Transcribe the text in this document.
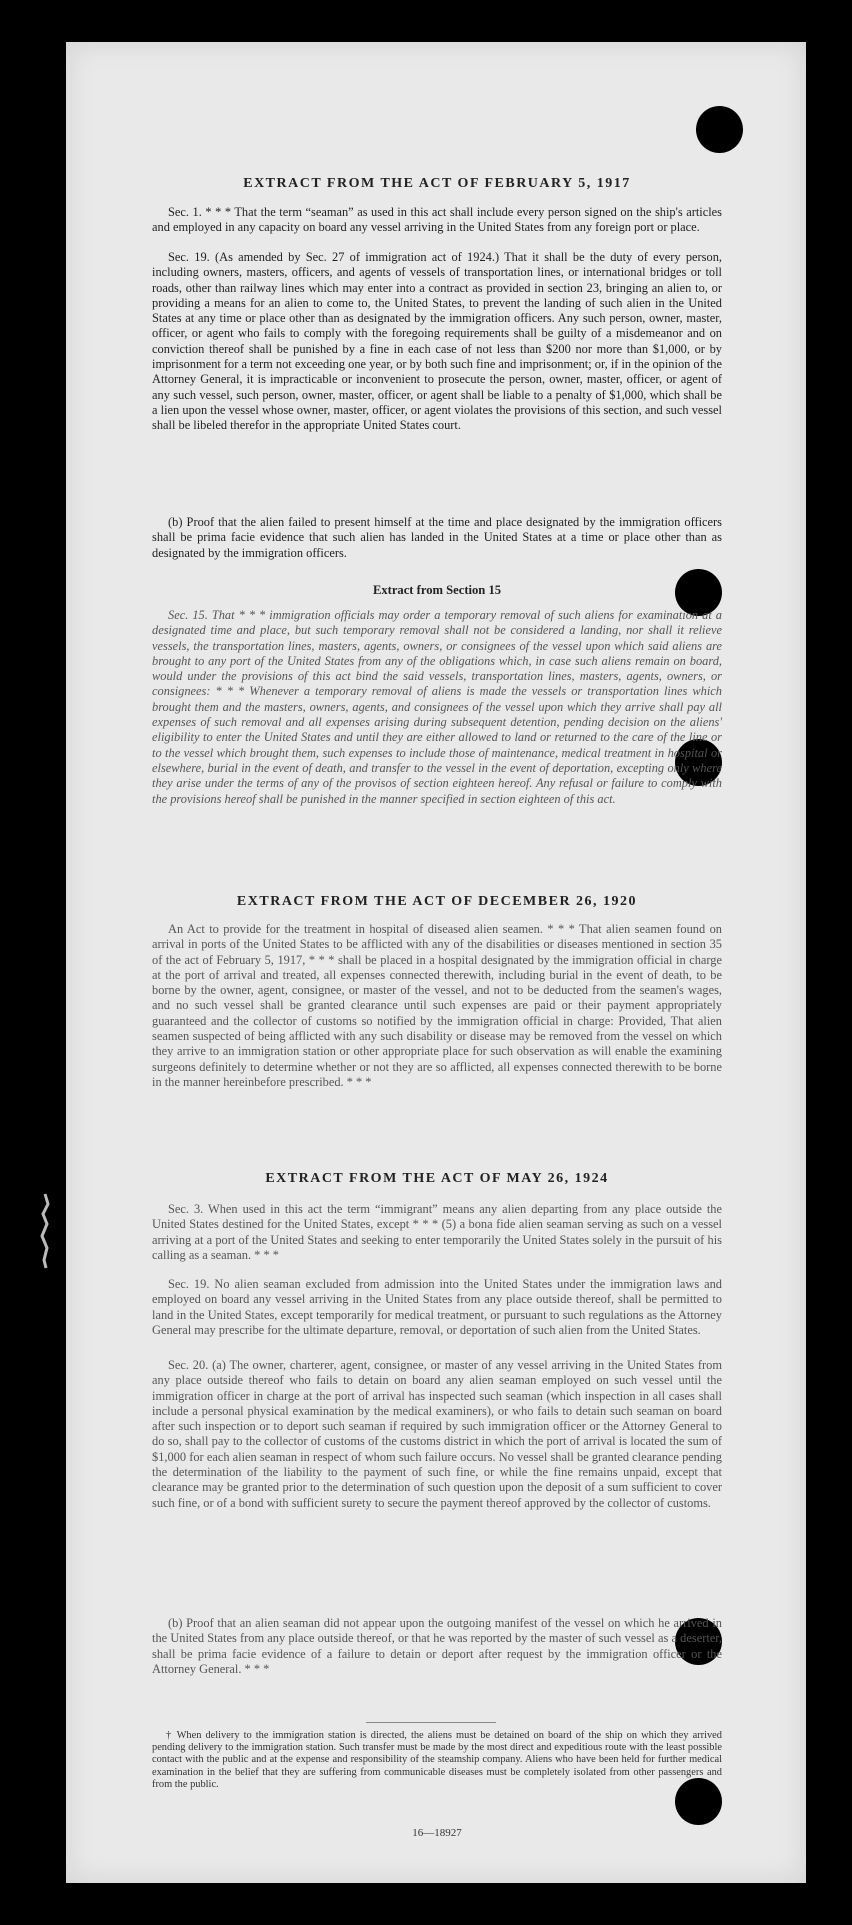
EXTRACT FROM THE ACT OF FEBRUARY 5, 1917

Sec. 1. * * * That the term “seaman” as used in this act shall include every person signed on the ship's articles and employed in any capacity on board any vessel arriving in the United States from any foreign port or place.

Sec. 19. (As amended by Sec. 27 of immigration act of 1924.) That it shall be the duty of every person, including owners, masters, officers, and agents of vessels of transportation lines, or international bridges or toll roads, other than railway lines which may enter into a contract as provided in section 23, bringing an alien to, or providing a means for an alien to come to, the United States, to prevent the landing of such alien in the United States at any time or place other than as designated by the immigration officers. Any such person, owner, master, officer, or agent who fails to comply with the foregoing requirements shall be guilty of a misdemeanor and on conviction thereof shall be punished by a fine in each case of not less than $200 nor more than $1,000, or by imprisonment for a term not exceeding one year, or by both such fine and imprisonment; or, if in the opinion of the Attorney General, it is impracticable or inconvenient to prosecute the person, owner, master, officer, or agent of any such vessel, such person, owner, master, officer, or agent shall be liable to a penalty of $1,000, which shall be a lien upon the vessel whose owner, master, officer, or agent violates the provisions of this section, and such vessel shall be libeled therefor in the appropriate United States court.

(b) Proof that the alien failed to present himself at the time and place designated by the immigration officers shall be prima facie evidence that such alien has landed in the United States at a time or place other than as designated by the immigration officers.

Extract from Section 15

Sec. 15. That * * * immigration officials may order a temporary removal of such aliens for examination at a designated time and place, but such temporary removal shall not be considered a landing, nor shall it relieve vessels, the transportation lines, masters, agents, owners, or consignees of the vessel upon which said aliens are brought to any port of the United States from any of the obligations which, in case such aliens remain on board, would under the provisions of this act bind the said vessels, transportation lines, masters, agents, owners, or consignees: * * * Whenever a temporary removal of aliens is made the vessels or transportation lines which brought them and the masters, owners, agents, and consignees of the vessel upon which they arrive shall pay all expenses of such removal and all expenses arising during subsequent detention, pending decision on the aliens' eligibility to enter the United States and until they are either allowed to land or returned to the care of the line or to the vessel which brought them, such expenses to include those of maintenance, medical treatment in hospital or elsewhere, burial in the event of death, and transfer to the vessel in the event of deportation, excepting only where they arise under the terms of any of the provisos of section eighteen hereof. Any refusal or failure to comply with the provisions hereof shall be punished in the manner specified in section eighteen of this act.

EXTRACT FROM THE ACT OF DECEMBER 26, 1920

An Act to provide for the treatment in hospital of diseased alien seamen. * * * That alien seamen found on arrival in ports of the United States to be afflicted with any of the disabilities or diseases mentioned in section 35 of the act of February 5, 1917, * * * shall be placed in a hospital designated by the immigration official in charge at the port of arrival and treated, all expenses connected therewith, including burial in the event of death, to be borne by the owner, agent, consignee, or master of the vessel, and not to be deducted from the seamen's wages, and no such vessel shall be granted clearance until such expenses are paid or their payment appropriately guaranteed and the collector of customs so notified by the immigration official in charge: Provided, That alien seamen suspected of being afflicted with any such disability or disease may be removed from the vessel on which they arrive to an immigration station or other appropriate place for such observation as will enable the examining surgeons definitely to determine whether or not they are so afflicted, all expenses connected therewith to be borne in the manner hereinbefore prescribed. * * *

EXTRACT FROM THE ACT OF MAY 26, 1924

Sec. 3. When used in this act the term “immigrant” means any alien departing from any place outside the United States destined for the United States, except * * * (5) a bona fide alien seaman serving as such on a vessel arriving at a port of the United States and seeking to enter temporarily the United States solely in the pursuit of his calling as a seaman. * * *

Sec. 19. No alien seaman excluded from admission into the United States under the immigration laws and employed on board any vessel arriving in the United States from any place outside thereof, shall be permitted to land in the United States, except temporarily for medical treatment, or pursuant to such regulations as the Attorney General may prescribe for the ultimate departure, removal, or deportation of such alien from the United States.

Sec. 20. (a) The owner, charterer, agent, consignee, or master of any vessel arriving in the United States from any place outside thereof who fails to detain on board any alien seaman employed on such vessel until the immigration officer in charge at the port of arrival has inspected such seaman (which inspection in all cases shall include a personal physical examination by the medical examiners), or who fails to detain such seaman on board after such inspection or to deport such seaman if required by such immigration officer or the Attorney General to do so, shall pay to the collector of customs of the customs district in which the port of arrival is located the sum of $1,000 for each alien seaman in respect of whom such failure occurs. No vessel shall be granted clearance pending the determination of the liability to the payment of such fine, or while the fine remains unpaid, except that clearance may be granted prior to the determination of such question upon the deposit of a sum sufficient to cover such fine, or of a bond with sufficient surety to secure the payment thereof approved by the collector of customs.

(b) Proof that an alien seaman did not appear upon the outgoing manifest of the vessel on which he arrived in the United States from any place outside thereof, or that he was reported by the master of such vessel as a deserter, shall be prima facie evidence of a failure to detain or deport after request by the immigration officer or the Attorney General. * * *

† When delivery to the immigration station is directed, the aliens must be detained on board of the ship on which they arrived pending delivery to the immigration station. Such transfer must be made by the most direct and expeditious route with the least possible contact with the public and at the expense and responsibility of the steamship company. Aliens who have been held for further medical examination in the belief that they are suffering from communicable diseases must be completely isolated from other passengers and from the public.

16—18927
